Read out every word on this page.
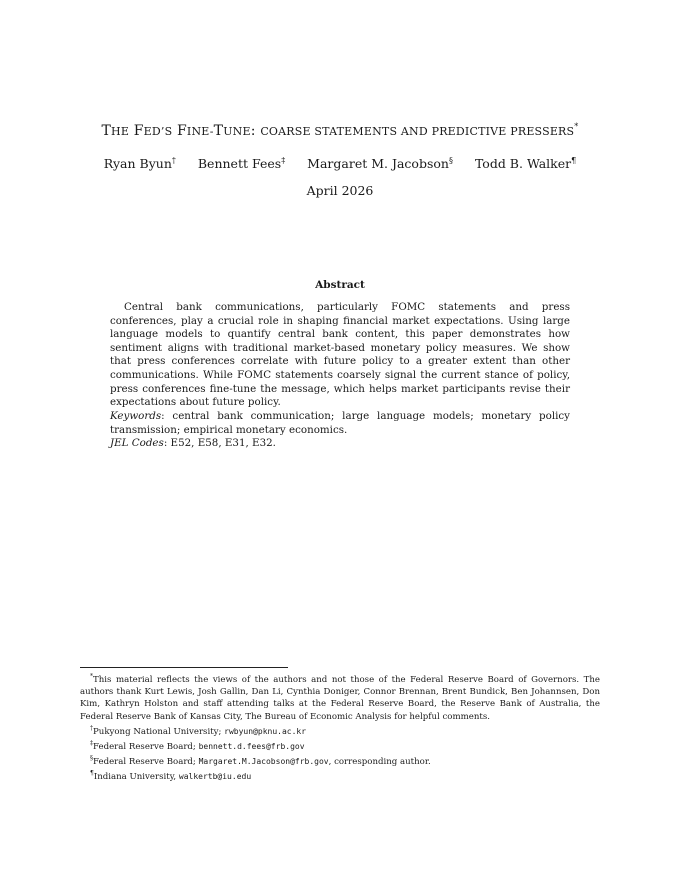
THE FED’S FINE-TUNE: COARSE STATEMENTS AND PREDICTIVE PRESSERS*
Ryan Byun† Bennett Fees‡ Margaret M. Jacobson§ Todd B. Walker¶
April 2026
Abstract
Central bank communications, particularly FOMC statements and press conferences, play a crucial role in shaping financial market expectations. Using large language models to quantify central bank content, this paper demonstrates how sentiment aligns with traditional market-based monetary policy measures. We show that press conferences correlate with future policy to a greater extent than other communications. While FOMC statements coarsely signal the current stance of policy, press conferences fine-tune the message, which helps market participants revise their expectations about future policy.
Keywords: central bank communication; large language models; monetary policy transmission; empirical monetary economics.
JEL Codes: E52, E58, E31, E32.
*This material reflects the views of the authors and not those of the Federal Reserve Board of Governors. The authors thank Kurt Lewis, Josh Gallin, Dan Li, Cynthia Doniger, Connor Brennan, Brent Bundick, Ben Johannsen, Don Kim, Kathryn Holston and staff attending talks at the Federal Reserve Board, the Reserve Bank of Australia, the Federal Reserve Bank of Kansas City, The Bureau of Economic Analysis for helpful comments.
†Pukyong National University; rwbyun@pknu.ac.kr
‡Federal Reserve Board; bennett.d.fees@frb.gov
§Federal Reserve Board; Margaret.M.Jacobson@frb.gov, corresponding author.
¶Indiana University, walkertb@iu.edu
